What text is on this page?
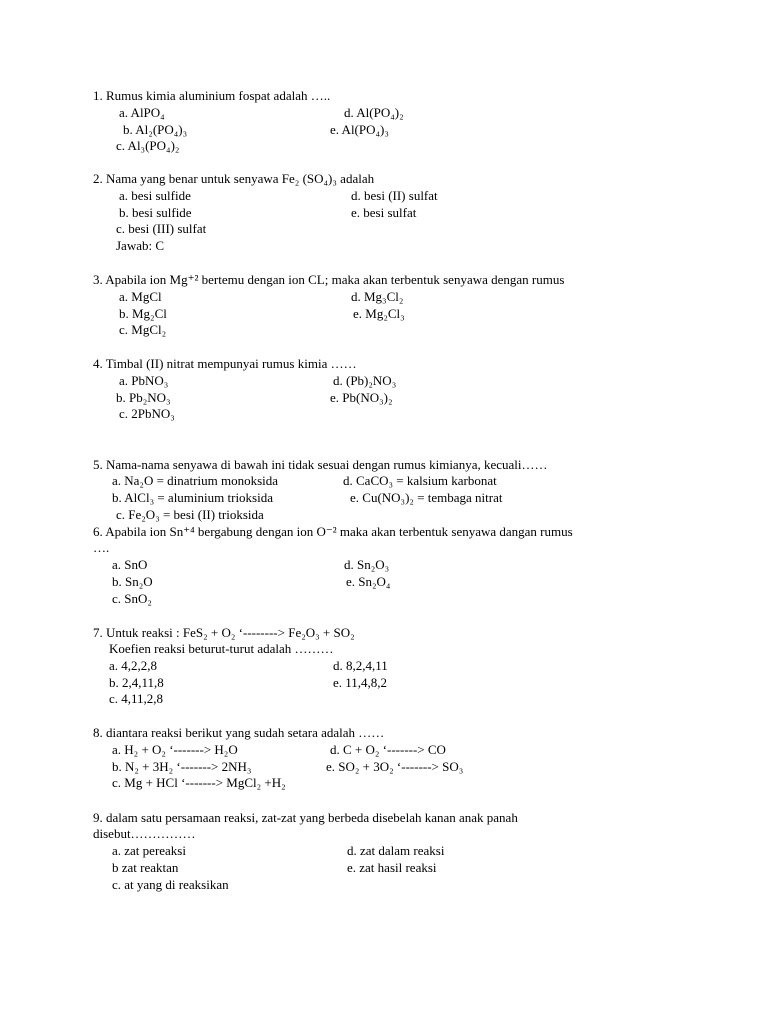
1. Rumus kimia aluminium fospat adalah …..
a. AlPO₄	d. Al(PO₄)₂
b. Al₂(PO₄)₃	e. Al(PO₄)₃
c. Al₃(PO₄)₂
2. Nama yang benar untuk senyawa Fe₂ (SO₄)₃ adalah
a. besi sulfide	d. besi (II) sulfat
b. besi sulfide	e. besi sulfat
c. besi (III) sulfat
Jawab: C
3. Apabila ion Mg⁺² bertemu dengan ion CL; maka akan terbentuk senyawa dengan rumus
a. MgCl	d. Mg₃Cl₂
b. Mg₂Cl	e. Mg₂Cl₃
c. MgCl₂
4. Timbal (II) nitrat mempunyai rumus kimia ……
a. PbNO₃	d. (Pb)₂NO₃
b. Pb₂NO₃	e. Pb(NO₃)₂
c. 2PbNO₃
5. Nama-nama senyawa di bawah ini tidak sesuai dengan rumus kimianya, kecuali……
a. Na₂O = dinatrium monoksida	d. CaCO₃ = kalsium karbonat
b. AlCl₃ = aluminium trioksida	e. Cu(NO₃)₂ = tembaga nitrat
c. Fe₂O₃ = besi (II) trioksida
6. Apabila ion Sn⁺⁴ bergabung dengan ion O⁻² maka akan terbentuk senyawa dangan rumus
….
a. SnO	d. Sn₂O₃
b. Sn₂O	e. Sn₂O₄
c. SnO₂
7. Untuk reaksi : FeS₂ + O₂ ‘--------> Fe₂O₃ + SO₂
Koefien reaksi beturut-turut adalah ………
a. 4,2,2,8	d. 8,2,4,11
b. 2,4,11,8	e. 11,4,8,2
c. 4,11,2,8
8. diantara reaksi berikut yang sudah setara adalah ……
a. H₂ + O₂ ‘-------> H₂O	d. C + O₂ ‘-------> CO
b. N₂ + 3H₂ ‘-------> 2NH₃	e. SO₂ + 3O₂ ‘-------> SO₃
c. Mg + HCl ‘-------> MgCl₂ +H₂
9. dalam satu persamaan reaksi, zat-zat yang berbeda disebelah kanan anak panah
disebut……………
a. zat pereaksi	d. zat dalam reaksi
b zat reaktan	e. zat hasil reaksi
c. at yang di reaksikan
